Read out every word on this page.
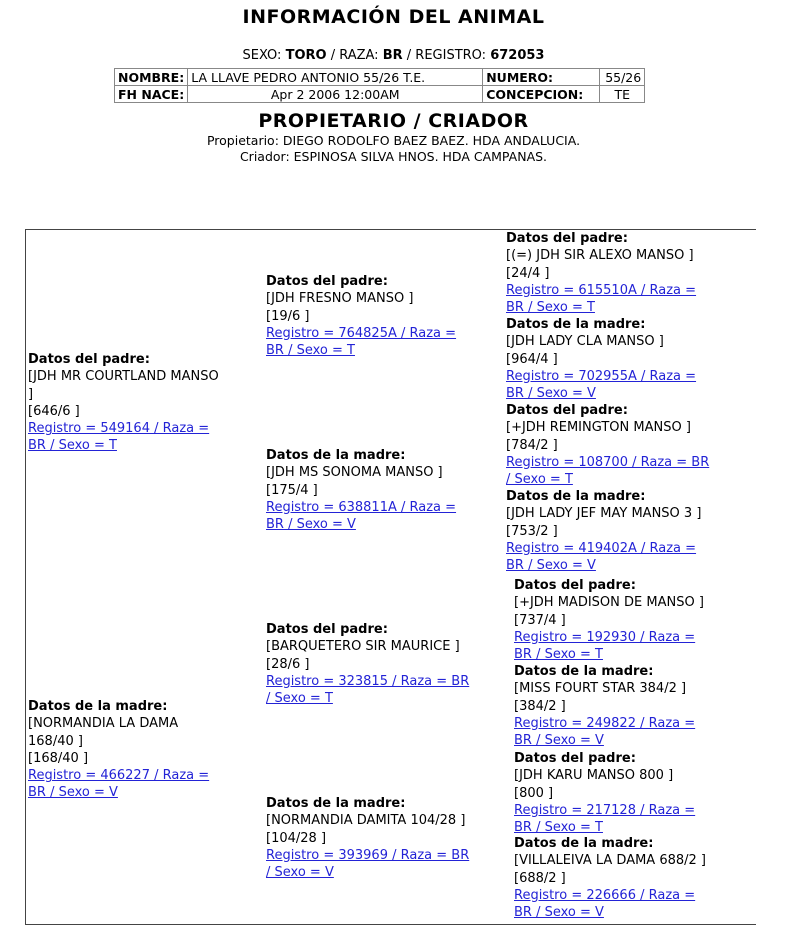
INFORMACIÓN DEL ANIMAL
SEXO: TORO / RAZA: BR / REGISTRO: 672053
NOMBRE:	LA LLAVE PEDRO ANTONIO 55/26 T.E.	NUMERO:	55/26
FH NACE:	Apr 2 2006 12:00AM	CONCEPCION:	TE
PROPIETARIO / CRIADOR
Propietario: DIEGO RODOLFO BAEZ BAEZ. HDA ANDALUCIA.
Criador: ESPINOSA SILVA HNOS. HDA CAMPANAS.
Datos del padre:
[JDH MR COURTLAND MANSO
]
[646/6 ]
Registro = 549164 / Raza =
BR / Sexo = T
Datos de la madre:
[NORMANDIA LA DAMA
168/40 ]
[168/40 ]
Registro = 466227 / Raza =
BR / Sexo = V
Datos del padre:
[JDH FRESNO MANSO ]
[19/6 ]
Registro = 764825A / Raza =
BR / Sexo = T
Datos de la madre:
[JDH MS SONOMA MANSO ]
[175/4 ]
Registro = 638811A / Raza =
BR / Sexo = V
Datos del padre:
[BARQUETERO SIR MAURICE ]
[28/6 ]
Registro = 323815 / Raza = BR
/ Sexo = T
Datos de la madre:
[NORMANDIA DAMITA 104/28 ]
[104/28 ]
Registro = 393969 / Raza = BR
/ Sexo = V
Datos del padre:
[(=) JDH SIR ALEXO MANSO ]
[24/4 ]
Registro = 615510A / Raza =
BR / Sexo = T
Datos de la madre:
[JDH LADY CLA MANSO ]
[964/4 ]
Registro = 702955A / Raza =
BR / Sexo = V
Datos del padre:
[+JDH REMINGTON MANSO ]
[784/2 ]
Registro = 108700 / Raza = BR
/ Sexo = T
Datos de la madre:
[JDH LADY JEF MAY MANSO 3 ]
[753/2 ]
Registro = 419402A / Raza =
BR / Sexo = V
Datos del padre:
[+JDH MADISON DE MANSO ]
[737/4 ]
Registro = 192930 / Raza =
BR / Sexo = T
Datos de la madre:
[MISS FOURT STAR 384/2 ]
[384/2 ]
Registro = 249822 / Raza =
BR / Sexo = V
Datos del padre:
[JDH KARU MANSO 800 ]
[800 ]
Registro = 217128 / Raza =
BR / Sexo = T
Datos de la madre:
[VILLALEIVA LA DAMA 688/2 ]
[688/2 ]
Registro = 226666 / Raza =
BR / Sexo = V
